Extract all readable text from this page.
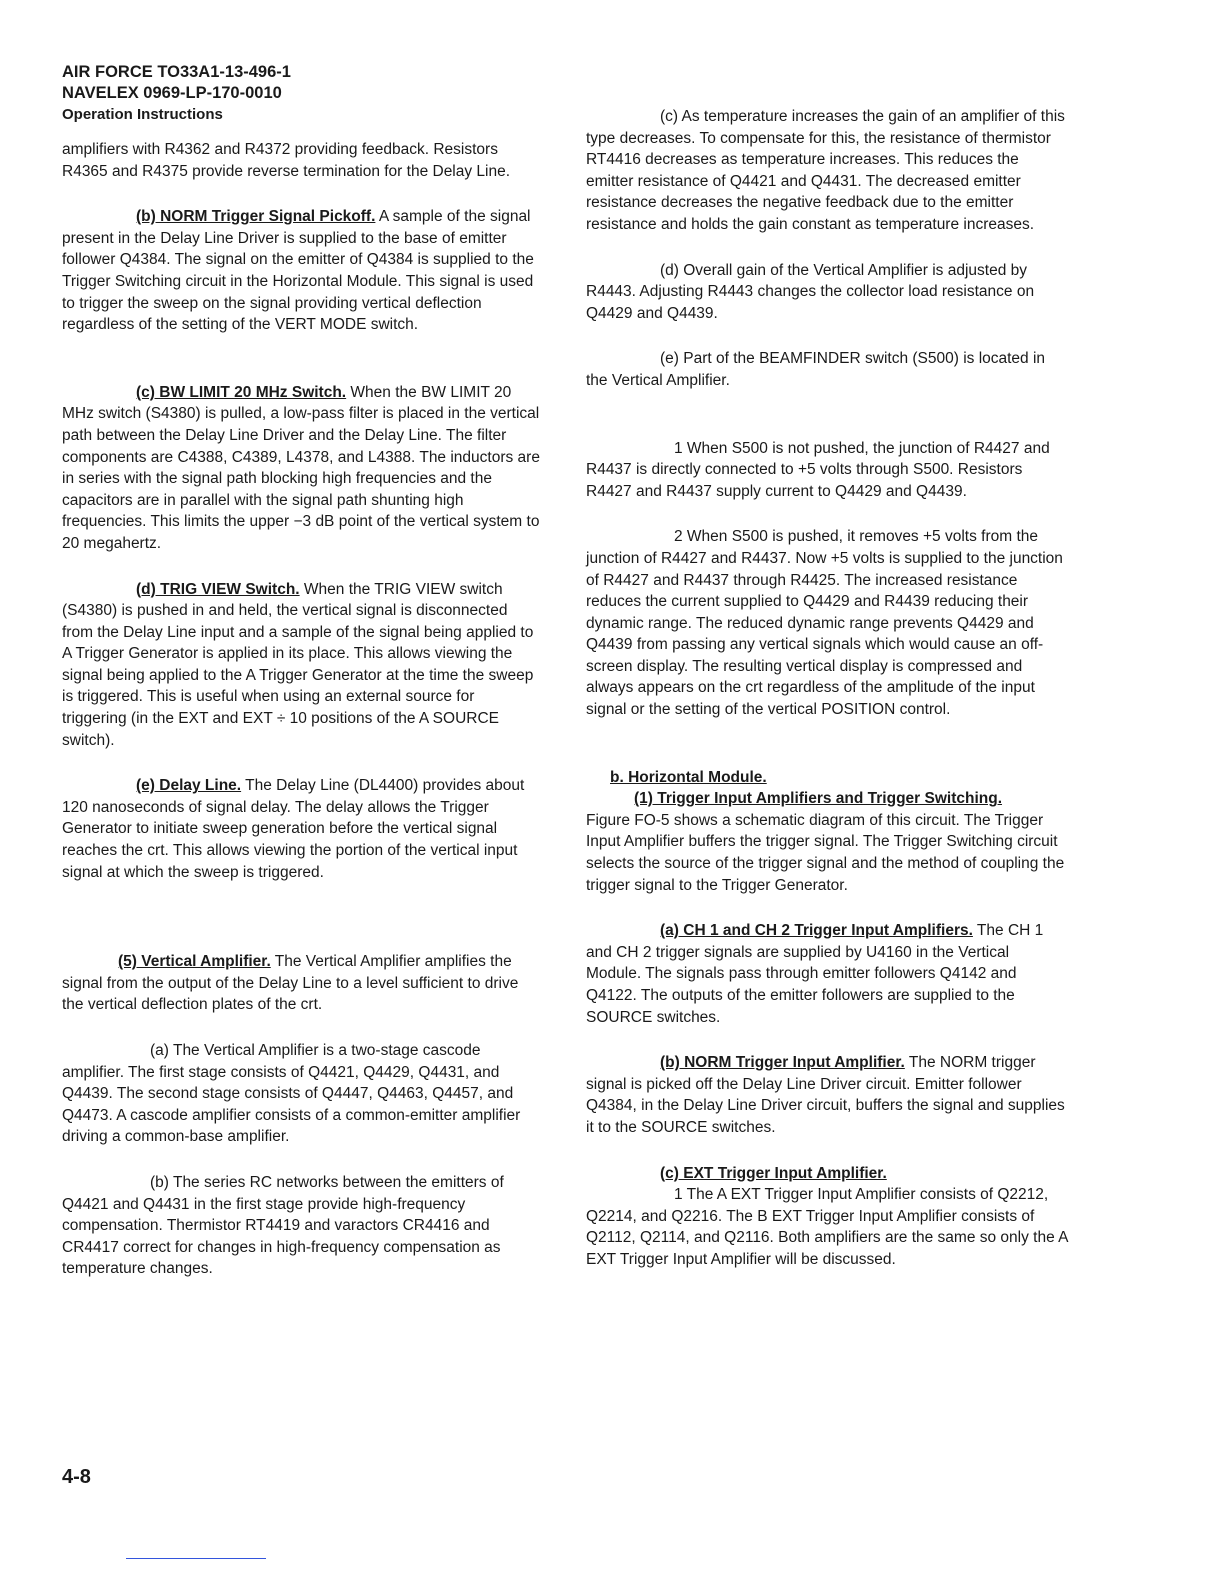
AIR FORCE TO33A1-13-496-1
NAVELEX 0969-LP-170-0010
Operation Instructions

amplifiers with R4362 and R4372 providing feedback. Resistors R4365 and R4375 provide reverse termination for the Delay Line.

(b) NORM Trigger Signal Pickoff. A sample of the signal present in the Delay Line Driver is supplied to the base of emitter follower Q4384. The signal on the emitter of Q4384 is supplied to the Trigger Switching circuit in the Horizontal Module. This signal is used to trigger the sweep on the signal providing vertical deflection regardless of the setting of the VERT MODE switch.

(c) BW LIMIT 20 MHz Switch. When the BW LIMIT 20 MHz switch (S4380) is pulled, a low-pass filter is placed in the vertical path between the Delay Line Driver and the Delay Line. The filter components are C4388, C4389, L4378, and L4388. The inductors are in series with the signal path blocking high frequencies and the capacitors are in parallel with the signal path shunting high frequencies. This limits the upper −3 dB point of the vertical system to 20 megahertz.

(d) TRIG VIEW Switch. When the TRIG VIEW switch (S4380) is pushed in and held, the vertical signal is disconnected from the Delay Line input and a sample of the signal being applied to A Trigger Generator is applied in its place. This allows viewing the signal being applied to the A Trigger Generator at the time the sweep is triggered. This is useful when using an external source for triggering (in the EXT and EXT ÷ 10 positions of the A SOURCE switch).

(e) Delay Line. The Delay Line (DL4400) provides about 120 nanoseconds of signal delay. The delay allows the Trigger Generator to initiate sweep generation before the vertical signal reaches the crt. This allows viewing the portion of the vertical input signal at which the sweep is triggered.

(5) Vertical Amplifier. The Vertical Amplifier amplifies the signal from the output of the Delay Line to a level sufficient to drive the vertical deflection plates of the crt.

(a) The Vertical Amplifier is a two-stage cascode amplifier. The first stage consists of Q4421, Q4429, Q4431, and Q4439. The second stage consists of Q4447, Q4463, Q4457, and Q4473. A cascode amplifier consists of a common-emitter amplifier driving a common-base amplifier.

(b) The series RC networks between the emitters of Q4421 and Q4431 in the first stage provide high-frequency compensation. Thermistor RT4419 and varactors CR4416 and CR4417 correct for changes in high-frequency compensation as temperature changes.

(c) As temperature increases the gain of an amplifier of this type decreases. To compensate for this, the resistance of thermistor RT4416 decreases as temperature increases. This reduces the emitter resistance of Q4421 and Q4431. The decreased emitter resistance decreases the negative feedback due to the emitter resistance and holds the gain constant as temperature increases.

(d) Overall gain of the Vertical Amplifier is adjusted by R4443. Adjusting R4443 changes the collector load resistance on Q4429 and Q4439.

(e) Part of the BEAMFINDER switch (S500) is located in the Vertical Amplifier.

1 When S500 is not pushed, the junction of R4427 and R4437 is directly connected to +5 volts through S500. Resistors R4427 and R4437 supply current to Q4429 and Q4439.

2 When S500 is pushed, it removes +5 volts from the junction of R4427 and R4437. Now +5 volts is supplied to the junction of R4427 and R4437 through R4425. The increased resistance reduces the current supplied to Q4429 and R4439 reducing their dynamic range. The reduced dynamic range prevents Q4429 and Q4439 from passing any vertical signals which would cause an off-screen display. The resulting vertical display is compressed and always appears on the crt regardless of the amplitude of the input signal or the setting of the vertical POSITION control.

b. Horizontal Module.

(1) Trigger Input Amplifiers and Trigger Switching.

Figure FO-5 shows a schematic diagram of this circuit. The Trigger Input Amplifier buffers the trigger signal. The Trigger Switching circuit selects the source of the trigger signal and the method of coupling the trigger signal to the Trigger Generator.

(a) CH 1 and CH 2 Trigger Input Amplifiers. The CH 1 and CH 2 trigger signals are supplied by U4160 in the Vertical Module. The signals pass through emitter followers Q4142 and Q4122. The outputs of the emitter followers are supplied to the SOURCE switches.

(b) NORM Trigger Input Amplifier. The NORM trigger signal is picked off the Delay Line Driver circuit. Emitter follower Q4384, in the Delay Line Driver circuit, buffers the signal and supplies it to the SOURCE switches.

(c) EXT Trigger Input Amplifier.

1 The A EXT Trigger Input Amplifier consists of Q2212, Q2214, and Q2216. The B EXT Trigger Input Amplifier consists of Q2112, Q2114, and Q2116. Both amplifiers are the same so only the A EXT Trigger Input Amplifier will be discussed.

4-8
